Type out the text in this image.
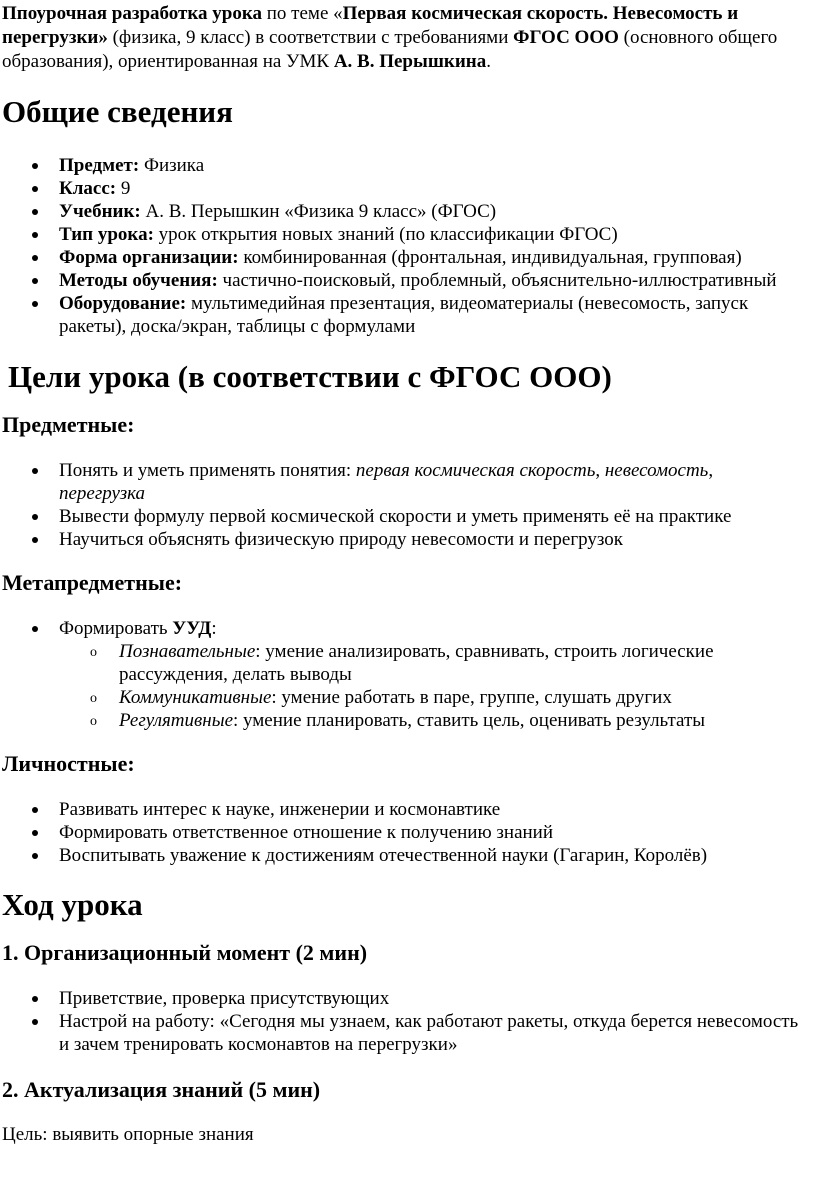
Ппоурочная разработка урока по теме «Первая космическая скорость. Невесомость и перегрузки» (физика, 9 класс) в соответствии с требованиями ФГОС ООО (основного общего образования), ориентированная на УМК А. В. Перышкина.

Общие сведения
Предмет: Физика
Класс: 9
Учебник: А. В. Перышкин «Физика 9 класс» (ФГОС)
Тип урока: урок открытия новых знаний (по классификации ФГОС)
Форма организации: комбинированная (фронтальная, индивидуальная, групповая)
Методы обучения: частично-поисковый, проблемный, объяснительно-иллюстративный
Оборудование: мультимедийная презентация, видеоматериалы (невесомость, запуск ракеты), доска/экран, таблицы с формулами
Цели урока (в соответствии с ФГОС ООО)
Предметные:
Понять и уметь применять понятия: первая космическая скорость, невесомость,
перегрузка
Вывести формулу первой космической скорости и уметь применять её на практике
Научиться объяснять физическую природу невесомости и перегрузок
Метапредметные:
Формировать УУД:
o Познавательные: умение анализировать, сравнивать, строить логические рассуждения, делать выводы
o Коммуникативные: умение работать в паре, группе, слушать других
o Регулятивные: умение планировать, ставить цель, оценивать результаты
Личностные:
Развивать интерес к науке, инженерии и космонавтике
Формировать ответственное отношение к получению знаний
Воспитывать уважение к достижениям отечественной науки (Гагарин, Королёв)
Ход урока
1. Организационный момент (2 мин)
Приветствие, проверка присутствующих
Настрой на работу: «Сегодня мы узнаем, как работают ракеты, откуда берется невесомость и зачем тренировать космонавтов на перегрузки»
2. Актуализация знаний (5 мин)

Цель: выявить опорные знания
